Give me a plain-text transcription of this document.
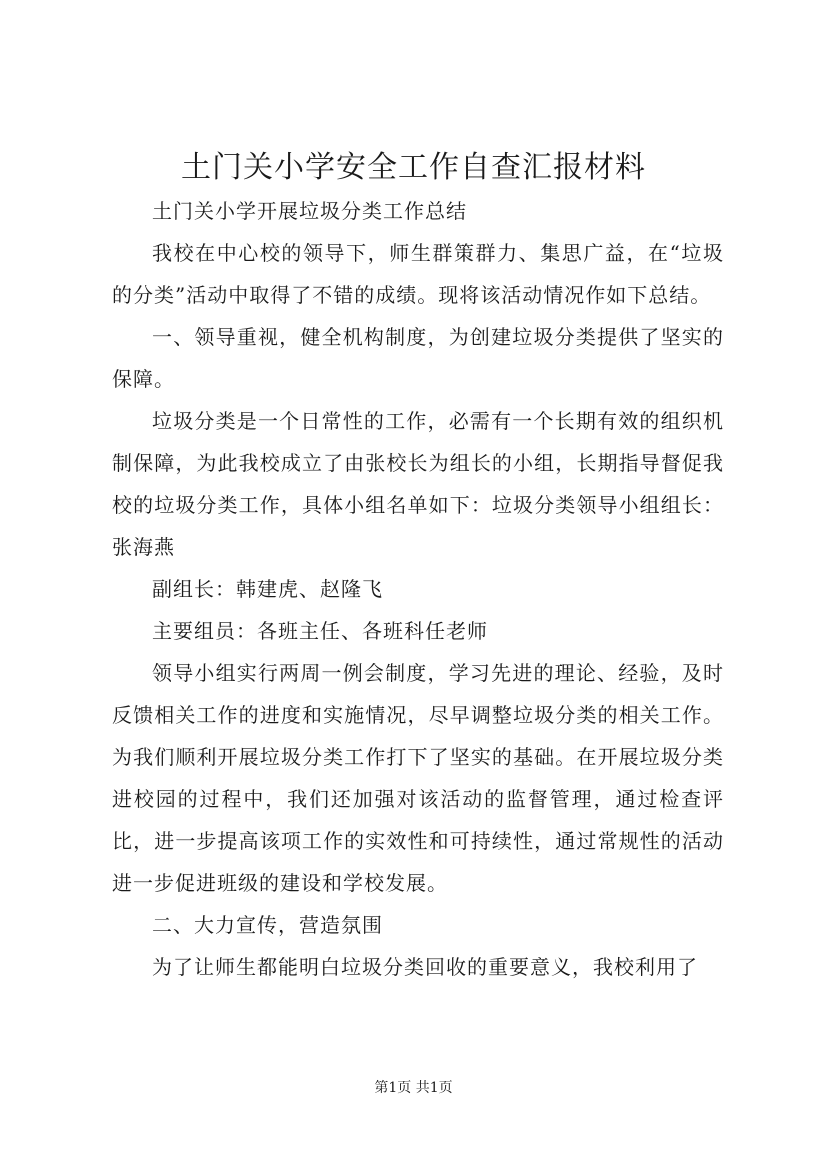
土门关小学安全工作自查汇报材料

土门关小学开展垃圾分类工作总结

我校在中心校的领导下，师生群策群力、集思广益，在“垃圾的分类”活动中取得了不错的成绩。现将该活动情况作如下总结。

一、领导重视，健全机构制度，为创建垃圾分类提供了坚实的保障。

垃圾分类是一个日常性的工作，必需有一个长期有效的组织机制保障，为此我校成立了由张校长为组长的小组，长期指导督促我校的垃圾分类工作，具体小组名单如下：垃圾分类领导小组组长：张海燕

副组长：韩建虎、赵隆飞

主要组员：各班主任、各班科任老师

领导小组实行两周一例会制度，学习先进的理论、经验，及时反馈相关工作的进度和实施情况，尽早调整垃圾分类的相关工作。为我们顺利开展垃圾分类工作打下了坚实的基础。在开展垃圾分类进校园的过程中，我们还加强对该活动的监督管理，通过检查评比，进一步提高该项工作的实效性和可持续性，通过常规性的活动进一步促进班级的建设和学校发展。

二、大力宣传，营造氛围

为了让师生都能明白垃圾分类回收的重要意义，我校利用了

第1页 共1页
